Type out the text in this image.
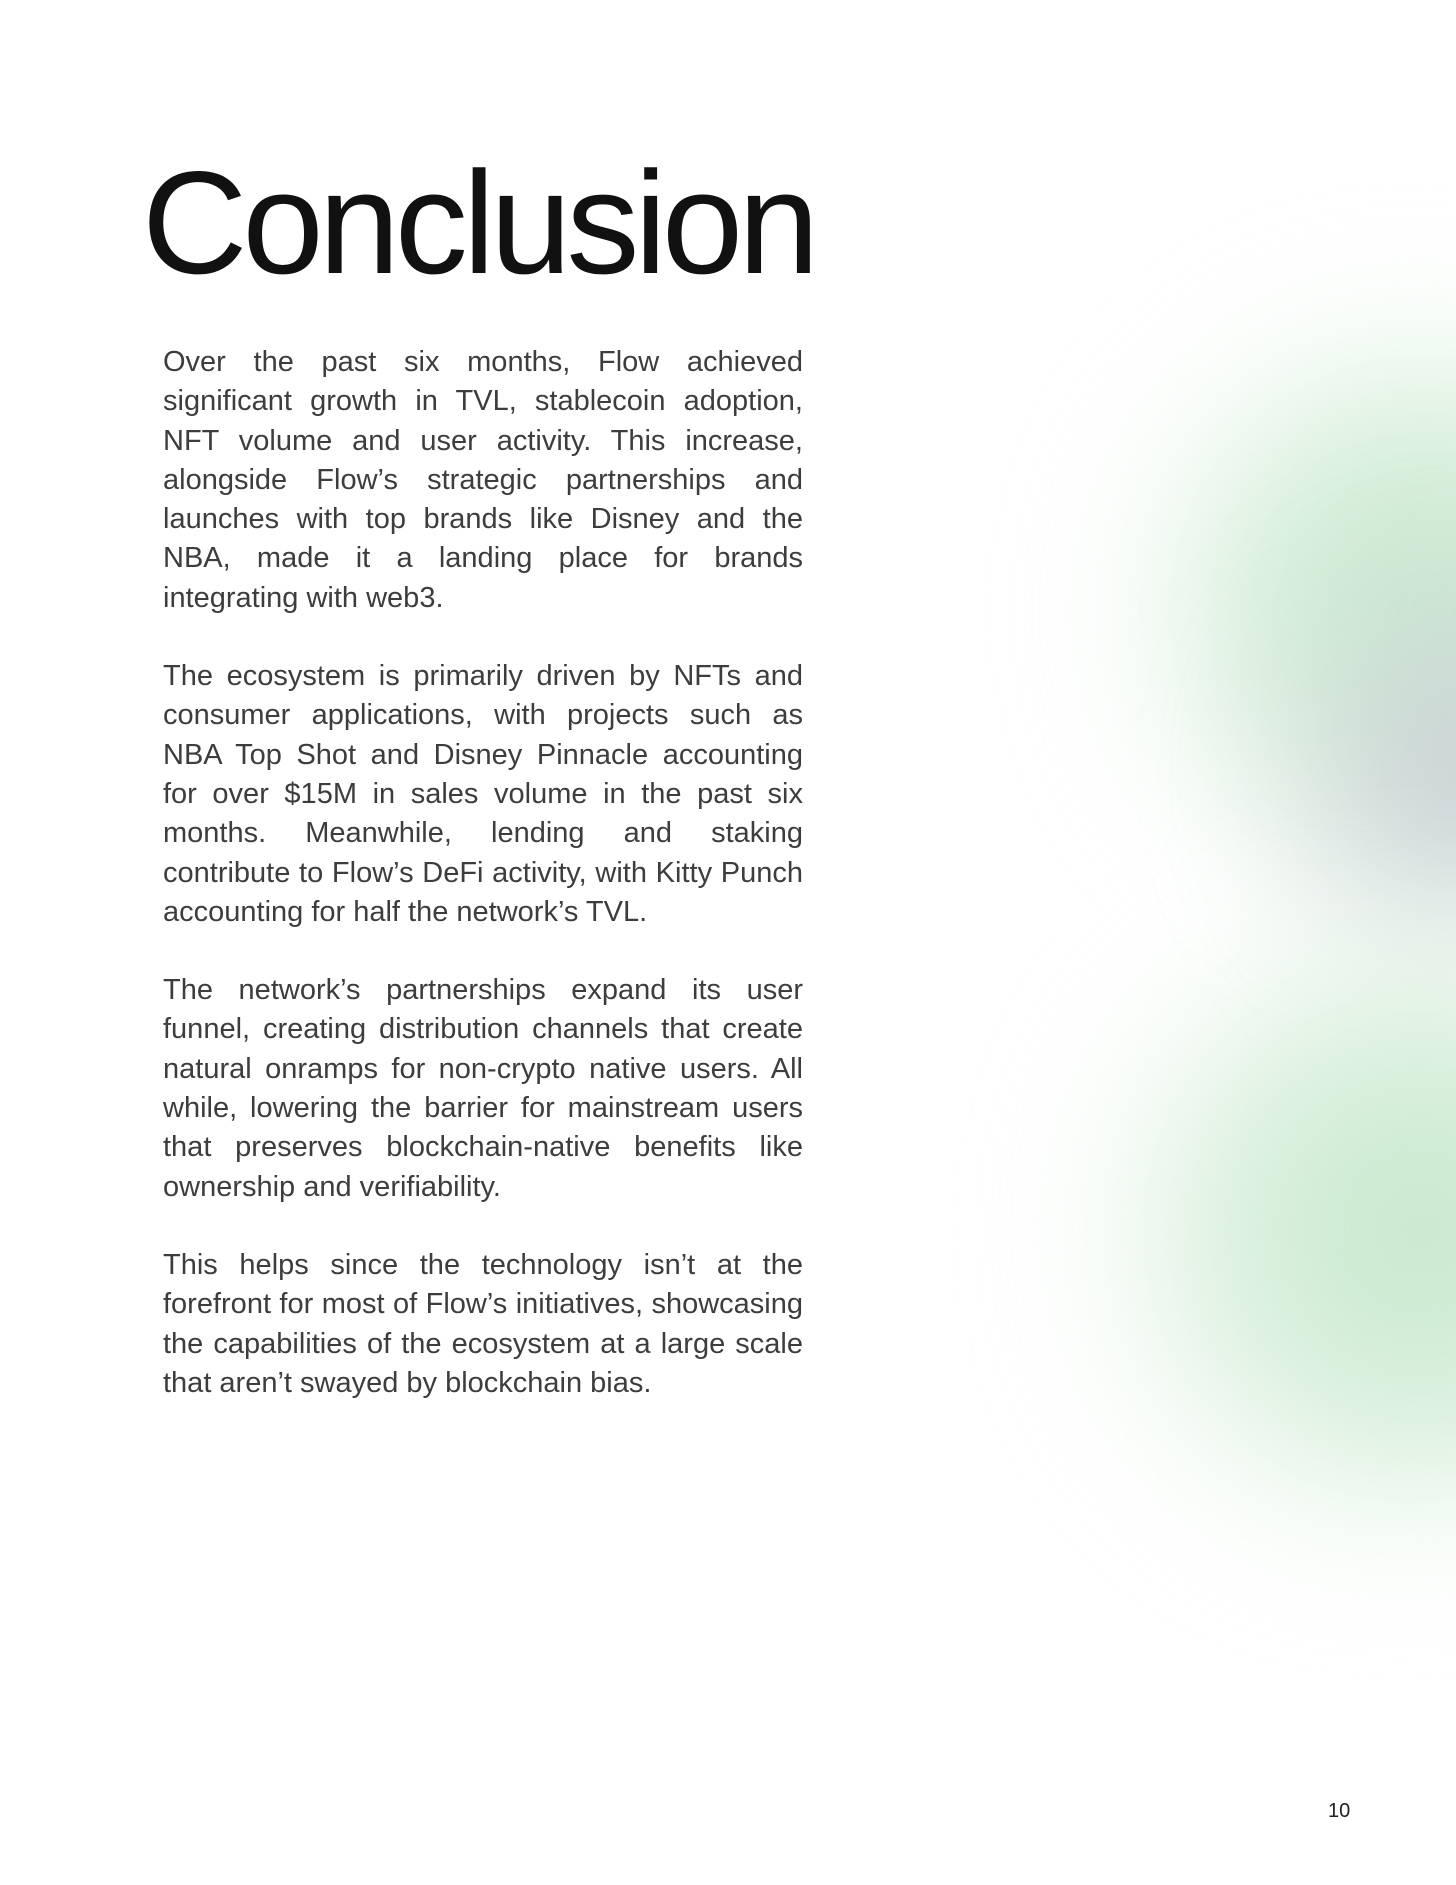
Conclusion

Over the past six months, Flow achieved significant growth in TVL, stablecoin adoption, NFT volume and user activity. This increase, alongside Flow’s strategic partnerships and launches with top brands like Disney and the NBA, made it a landing place for brands integrating with web3.

The ecosystem is primarily driven by NFTs and consumer applications, with projects such as NBA Top Shot and Disney Pinnacle accounting for over $15M in sales volume in the past six months. Meanwhile, lending and staking contribute to Flow’s DeFi activity, with Kitty Punch accounting for half the network’s TVL.

The network’s partnerships expand its user funnel, creating distribution channels that create natural onramps for non-crypto native users. All while, lowering the barrier for mainstream users that preserves blockchain-native benefits like ownership and verifiability.

This helps since the technology isn’t at the forefront for most of Flow’s initiatives, showcasing the capabilities of the ecosystem at a large scale that aren’t swayed by blockchain bias.

10
